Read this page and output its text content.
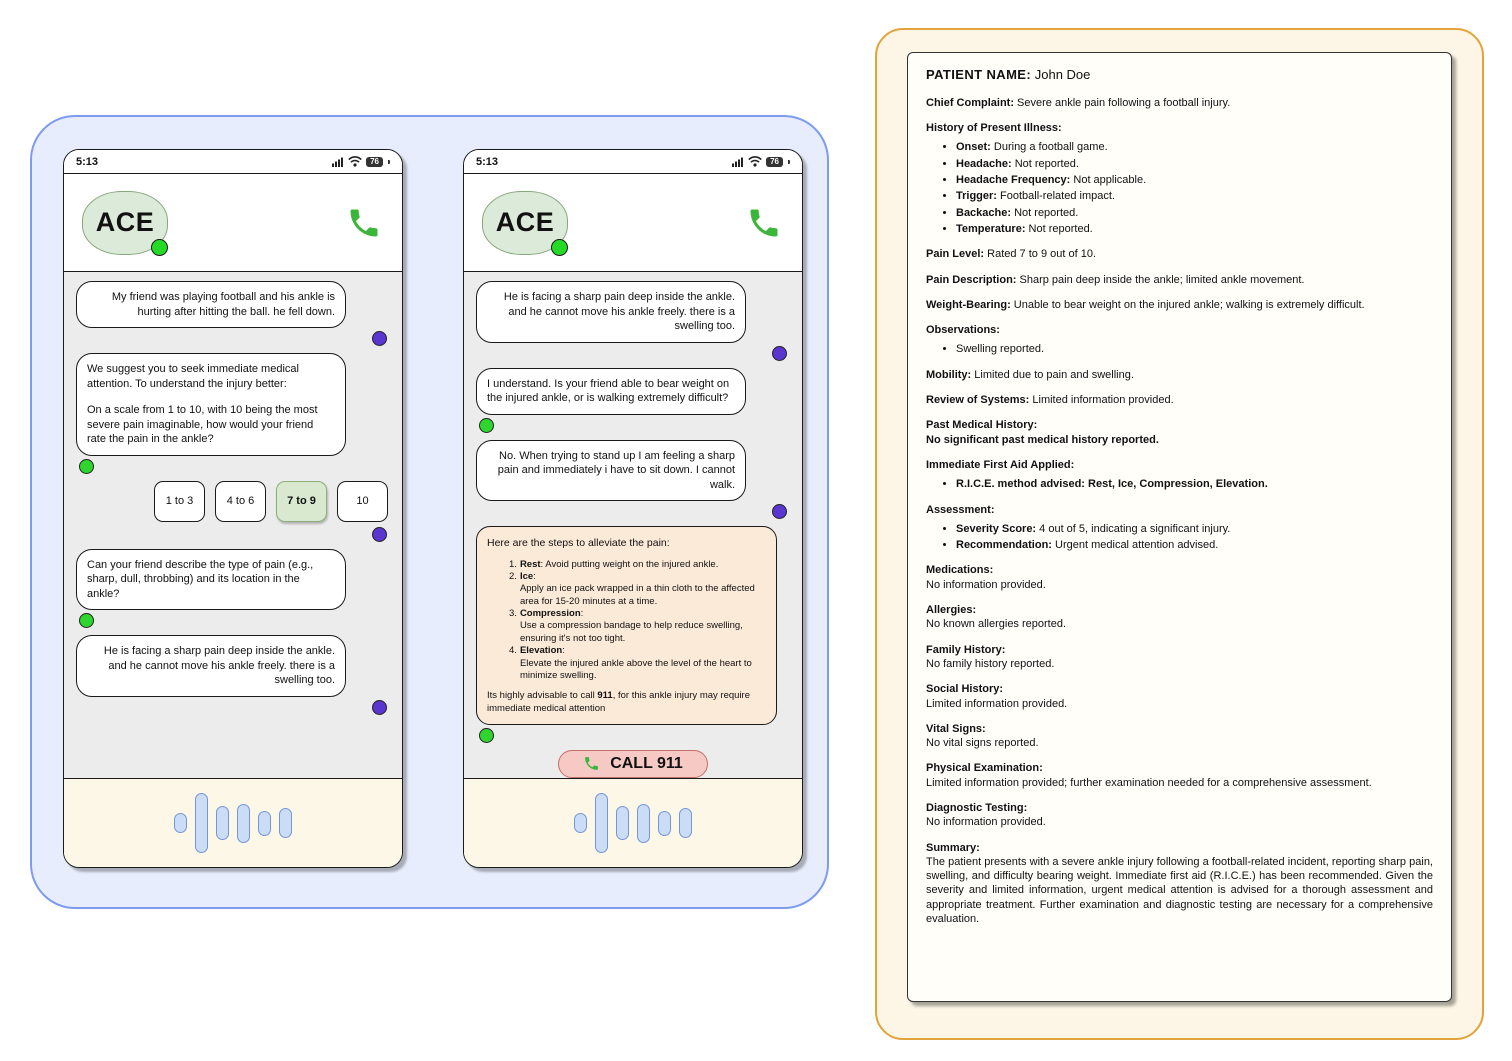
5:13	76
ACE
My friend was playing football and his ankle is hurting after hitting the ball. he fell down.
We suggest you to seek immediate medical attention. To understand the injury better:
On a scale from 1 to 10, with 10 being the most severe pain imaginable, how would your friend rate the pain in the ankle?
1 to 3	4 to 6	7 to 9	10
Can your friend describe the type of pain (e.g., sharp, dull, throbbing) and its location in the ankle?
He is facing a sharp pain deep inside the ankle. and he cannot move his ankle freely. there is a swelling too.
5:13	76
ACE
He is facing a sharp pain deep inside the ankle. and he cannot move his ankle freely. there is a swelling too.
I understand. Is your friend able to bear weight on the injured ankle, or is walking extremely difficult?
No. When trying to stand up I am feeling a sharp pain and immediately i have to sit down. I cannot walk.
Here are the steps to alleviate the pain:
1. Rest: Avoid putting weight on the injured ankle.
2. Ice:
Apply an ice pack wrapped in a thin cloth to the affected area for 15-20 minutes at a time.
3. Compression:
Use a compression bandage to help reduce swelling, ensuring it's not too tight.
4. Elevation:
Elevate the injured ankle above the level of the heart to minimize swelling.
Its highly advisable to call 911, for this ankle injury may require immediate medical attention
CALL 911
PATIENT NAME: John Doe
Chief Complaint: Severe ankle pain following a football injury.
History of Present Illness:
• Onset: During a football game.
• Headache: Not reported.
• Headache Frequency: Not applicable.
• Trigger: Football-related impact.
• Backache: Not reported.
• Temperature: Not reported.
Pain Level: Rated 7 to 9 out of 10.
Pain Description: Sharp pain deep inside the ankle; limited ankle movement.
Weight-Bearing: Unable to bear weight on the injured ankle; walking is extremely difficult.
Observations:
• Swelling reported.
Mobility: Limited due to pain and swelling.
Review of Systems: Limited information provided.
Past Medical History:
No significant past medical history reported.
Immediate First Aid Applied:
• R.I.C.E. method advised: Rest, Ice, Compression, Elevation.
Assessment:
• Severity Score: 4 out of 5, indicating a significant injury.
• Recommendation: Urgent medical attention advised.
Medications:
No information provided.
Allergies:
No known allergies reported.
Family History:
No family history reported.
Social History:
Limited information provided.
Vital Signs:
No vital signs reported.
Physical Examination:
Limited information provided; further examination needed for a comprehensive assessment.
Diagnostic Testing:
No information provided.
Summary:
The patient presents with a severe ankle injury following a football-related incident, reporting sharp pain, swelling, and difficulty bearing weight. Immediate first aid (R.I.C.E.) has been recommended. Given the severity and limited information, urgent medical attention is advised for a thorough assessment and appropriate treatment. Further examination and diagnostic testing are necessary for a comprehensive evaluation.
